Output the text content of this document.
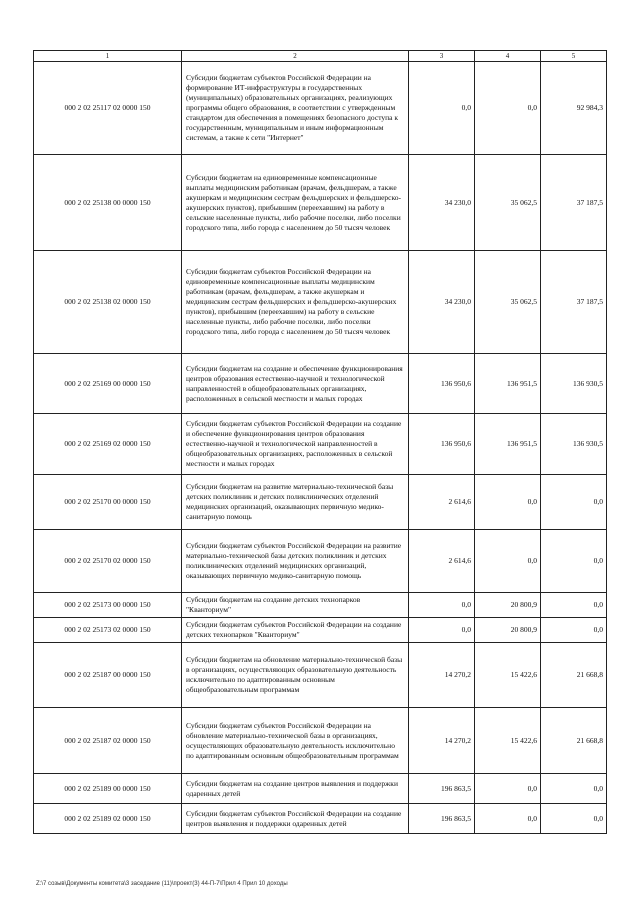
1	2	3	4	5
000 2 02 25117 02 0000 150	Субсидии бюджетам субъектов Российской Федерации на формирование ИТ-инфраструктуры в государственных (муниципальных) образовательных организациях, реализующих программы общего образования, в соответствии с утвержденным стандартом для обеспечения в помещениях безопасного доступа к государственным, муниципальным и иным информационным системам, а также к сети "Интернет"	0,0	0,0	92 984,3
000 2 02 25138 00 0000 150	Субсидии бюджетам на единовременные компенсационные выплаты медицинским работникам (врачам, фельдшерам, а также акушеркам и медицинским сестрам фельдшерских и фельдшерско-акушерских пунктов), прибывшим (переехавшим) на работу в сельские населенные пункты, либо рабочие поселки, либо поселки городского типа, либо города с населением до 50 тысяч человек	34 230,0	35 062,5	37 187,5
000 2 02 25138 02 0000 150	Субсидии бюджетам субъектов Российской Федерации на единовременные компенсационные выплаты медицинским работникам (врачам, фельдшерам, а также акушеркам и медицинским сестрам фельдшерских и фельдшерско-акушерских пунктов), прибывшим (переехавшим) на работу в сельские населенные пункты, либо рабочие поселки, либо поселки городского типа, либо города с населением до 50 тысяч человек	34 230,0	35 062,5	37 187,5
000 2 02 25169 00 0000 150	Субсидии бюджетам на создание и обеспечение функционирования центров образования естественно-научной и технологической направленностей в общеобразовательных организациях, расположенных в сельской местности и малых городах	136 950,6	136 951,5	136 930,5
000 2 02 25169 02 0000 150	Субсидии бюджетам субъектов Российской Федерации на создание и обеспечение функционирования центров образования естественно-научной и технологической направленностей в общеобразовательных организациях, расположенных в сельской местности и малых городах	136 950,6	136 951,5	136 930,5
000 2 02 25170 00 0000 150	Субсидии бюджетам на развитие материально-технической базы детских поликлиник и детских поликлинических отделений медицинских организаций, оказывающих первичную медико-санитарную помощь	2 614,6	0,0	0,0
000 2 02 25170 02 0000 150	Субсидии бюджетам субъектов Российской Федерации на развитие материально-технической базы детских поликлиник и детских поликлинических отделений медицинских организаций, оказывающих первичную медико-санитарную помощь	2 614,6	0,0	0,0
000 2 02 25173 00 0000 150	Субсидии бюджетам на создание детских технопарков "Кванториум"	0,0	20 800,9	0,0
000 2 02 25173 02 0000 150	Субсидии бюджетам субъектов Российской Федерации на создание детских технопарков "Кванториум"	0,0	20 800,9	0,0
000 2 02 25187 00 0000 150	Субсидии бюджетам на обновление материально-технической базы в организациях, осуществляющих образовательную деятельность исключительно по адаптированным основным общеобразовательным программам	14 270,2	15 422,6	21 668,8
000 2 02 25187 02 0000 150	Субсидии бюджетам субъектов Российской Федерации на обновление материально-технической базы в организациях, осуществляющих образовательную деятельность исключительно по адаптированным основным общеобразовательным программам	14 270,2	15 422,6	21 668,8
000 2 02 25189 00 0000 150	Субсидии бюджетам на создание центров выявления и поддержки одаренных детей	196 863,5	0,0	0,0
000 2 02 25189 02 0000 150	Субсидии бюджетам субъектов Российской Федерации на создание центров выявления и поддержки одаренных детей	196 863,5	0,0	0,0
Z:\7 созыв\Документы комитета\3 заседание (11)\проект(3) 44-П-7\Прил 4 Прил 10 доходы
